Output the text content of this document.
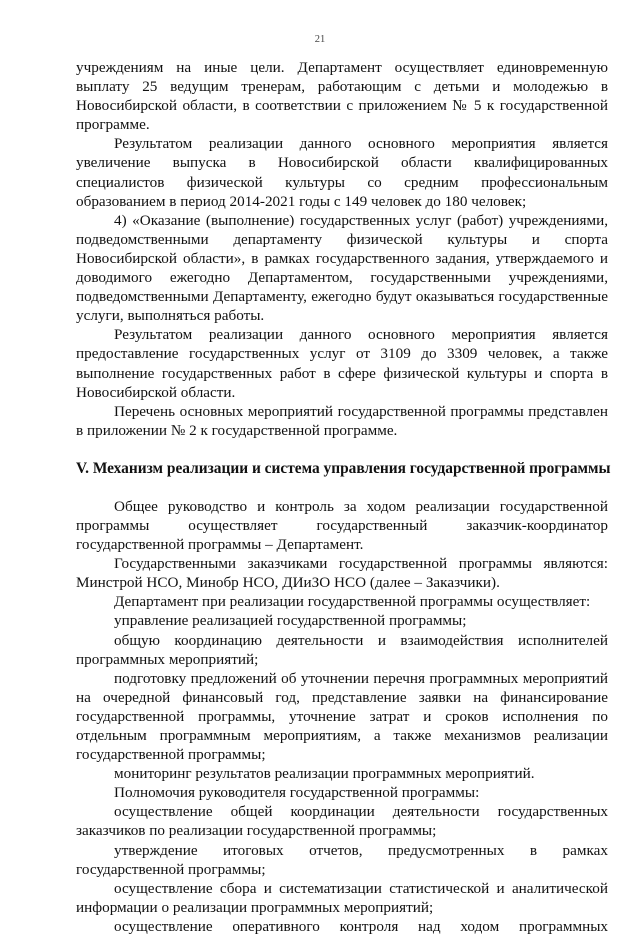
21

учреждениям на иные цели. Департамент осуществляет единовременную выплату 25 ведущим тренерам, работающим с детьми и молодежью в Новосибирской области, в соответствии с приложением № 5 к государственной программе.

Результатом реализации данного основного мероприятия является увеличение выпуска в Новосибирской области квалифицированных специалистов физической культуры со средним профессиональным образованием в период 2014-2021 годы с 149 человек до 180 человек;

4) «Оказание (выполнение) государственных услуг (работ) учреждениями, подведомственными департаменту физической культуры и спорта Новосибирской области», в рамках государственного задания, утверждаемого и доводимого ежегодно Департаментом, государственными учреждениями, подведомственными Департаменту, ежегодно будут оказываться государственные услуги, выполняться работы.

Результатом реализации данного основного мероприятия является предоставление государственных услуг от 3109 до 3309 человек, а также выполнение государственных работ в сфере физической культуры и спорта в Новосибирской области.

Перечень основных мероприятий государственной программы представлен в приложении № 2 к государственной программе.

V. Механизм реализации и система управления государственной программы

Общее руководство и контроль за ходом реализации государственной программы осуществляет государственный заказчик-координатор государственной программы – Департамент.

Государственными заказчиками государственной программы являются: Минстрой НСО, Минобр НСО, ДИиЗО НСО (далее – Заказчики).

Департамент при реализации государственной программы осуществляет:

управление реализацией государственной программы;

общую координацию деятельности и взаимодействия исполнителей программных мероприятий;

подготовку предложений об уточнении перечня программных мероприятий на очередной финансовый год, представление заявки на финансирование государственной программы, уточнение затрат и сроков исполнения по отдельным программным мероприятиям, а также механизмов реализации государственной программы;

мониторинг результатов реализации программных мероприятий.

Полномочия руководителя государственной программы:

осуществление общей координации деятельности государственных заказчиков по реализации государственной программы;

утверждение итоговых отчетов, предусмотренных в рамках государственной программы;

осуществление сбора и систематизации статистической и аналитической информации о реализации программных мероприятий;

осуществление оперативного контроля над ходом программных
